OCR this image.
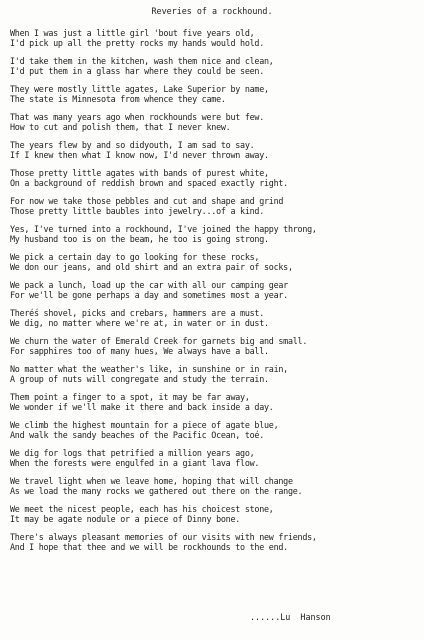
Reveries of a rockhound.
When I was just a little girl 'bout five years old,
I'd pick up all the pretty rocks my hands would hold.
I'd take them in the kitchen, wash them nice and clean,
I'd put them in a glass har where they could be seen.
They were mostly little agates, Lake Superior by name,
The state is Minnesota from whence they came.
That was many years ago when rockhounds were but few.
How to cut and polish them, that I never knew.
The years flew by and so didyouth, I am sad to say.
If I knew then what I know now, I'd never thrown away.
Those pretty little agates with bands of purest white,
On a background of reddish brown and spaced exactly right.
For now we take those pebbles and cut and shape and grind
Those pretty little baubles into jewelry...of a kind.
Yes, I've turned into a rockhound, I've joined the happy throng,
My husband too is on the beam, he too is going strong.
We pick a certain day to go looking for these rocks,
We don our jeans, and old shirt and an extra pair of socks,
We pack a lunch, load up the car with all our camping gear
For we'll be gone perhaps a day and sometimes most a year.
Theréś shovel, picks and crebars, hammers are a must.
We dig, no matter where we're at, in water or in dust.
We churn the water of Emerald Creek for garnets big and small.
For sapphires too of many hues, We always have a ball.
No matter what the weather's like, in sunshine or in rain,
A group of nuts will congregate and study the terrain.
Them point a finger to a spot, it may be far away,
We wonder if we'll make it there and back inside a day.
We climb the highest mountain for a piece of agate blue,
And walk the sandy beaches of the Pacific Ocean, toé.
We dig for logs that petrified a million years ago,
When the forests were engulfed in a giant lava flow.
We travel light when we leave home, hoping that will change
As we load the many rocks we gathered out there on the range.
We meet the nicest people, each has his choicest stone,
It may be agate nodule or a piece of Dinny bone.
There's always pleasant memories of our visits with new friends,
And I hope that thee and we will be rockhounds to the end.
......Lu  Hanson
